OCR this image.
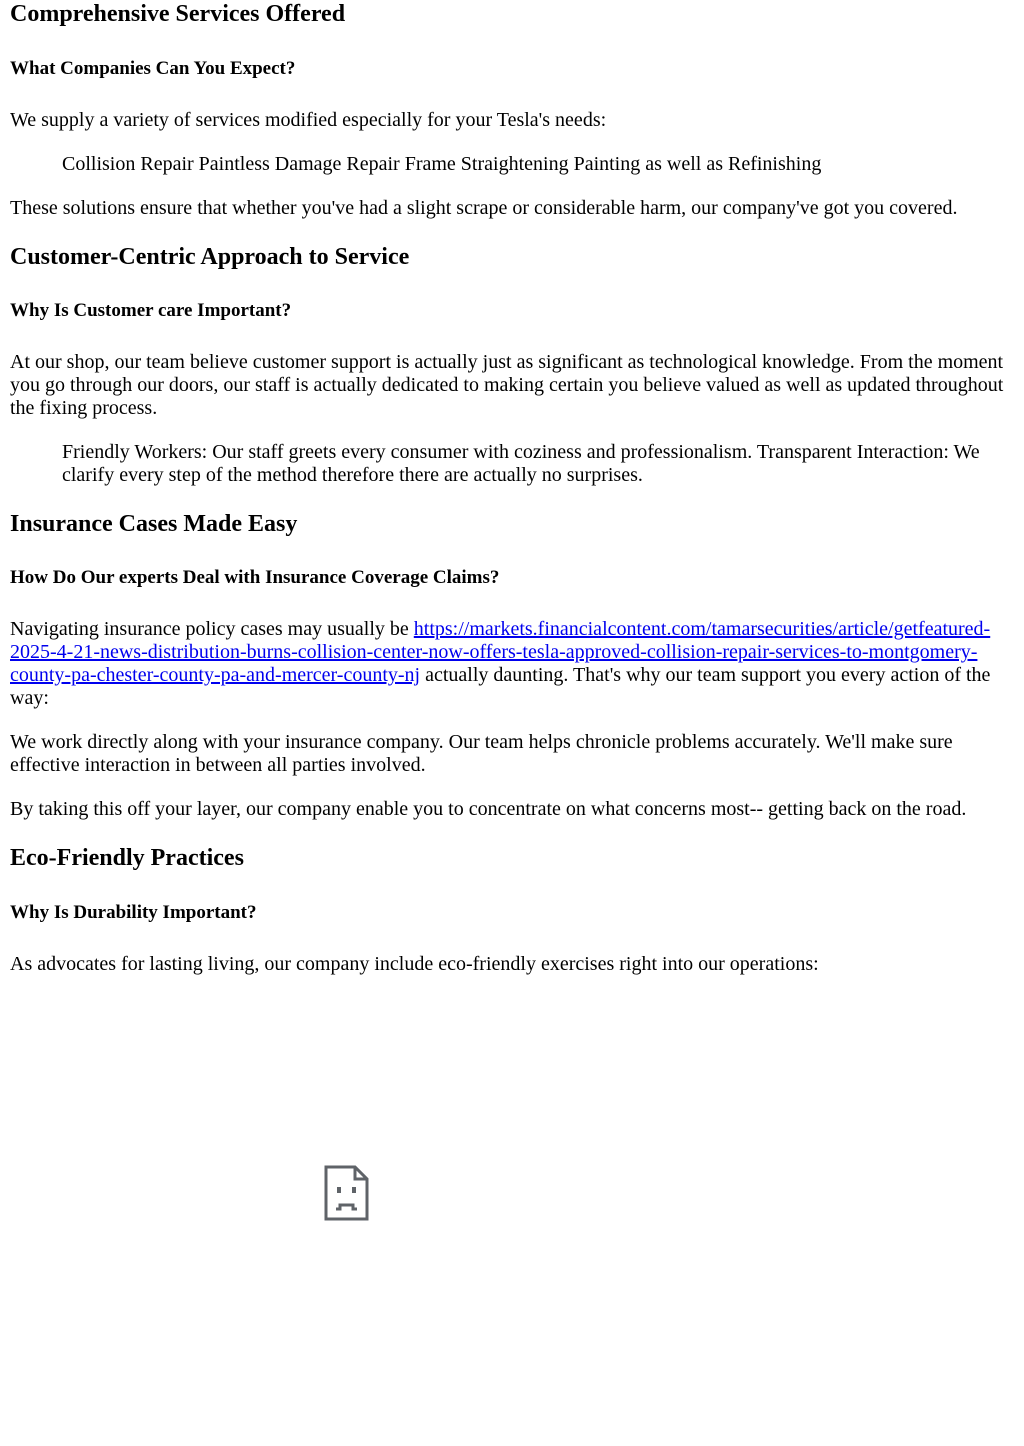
Comprehensive Services Offered
What Companies Can You Expect?

We supply a variety of services modified especially for your Tesla's needs:

Collision Repair Paintless Damage Repair Frame Straightening Painting as well as Refinishing

These solutions ensure that whether you've had a slight scrape or considerable harm, our company've got you covered.

Customer-Centric Approach to Service
Why Is Customer care Important?

At our shop, our team believe customer support is actually just as significant as technological knowledge. From the moment you go through our doors, our staff is actually dedicated to making certain you believe valued as well as updated throughout the fixing process.

Friendly Workers: Our staff greets every consumer with coziness and professionalism. Transparent Interaction: We clarify every step of the method therefore there are actually no surprises.
Insurance Cases Made Easy
How Do Our experts Deal with Insurance Coverage Claims?

Navigating insurance policy cases may usually be https://markets.financialcontent.com/tamarsecurities/article/getfeatured-2025-4-21-news-distribution-burns-collision-center-now-offers-tesla-approved-collision-repair-services-to-montgomery-county-pa-chester-county-pa-and-mercer-county-nj actually daunting. That's why our team support you every action of the way:

We work directly along with your insurance company. Our team helps chronicle problems accurately. We'll make sure effective interaction in between all parties involved.

By taking this off your layer, our company enable you to concentrate on what concerns most-- getting back on the road.

Eco-Friendly Practices
Why Is Durability Important?

As advocates for lasting living, our company include eco-friendly exercises right into our operations:
